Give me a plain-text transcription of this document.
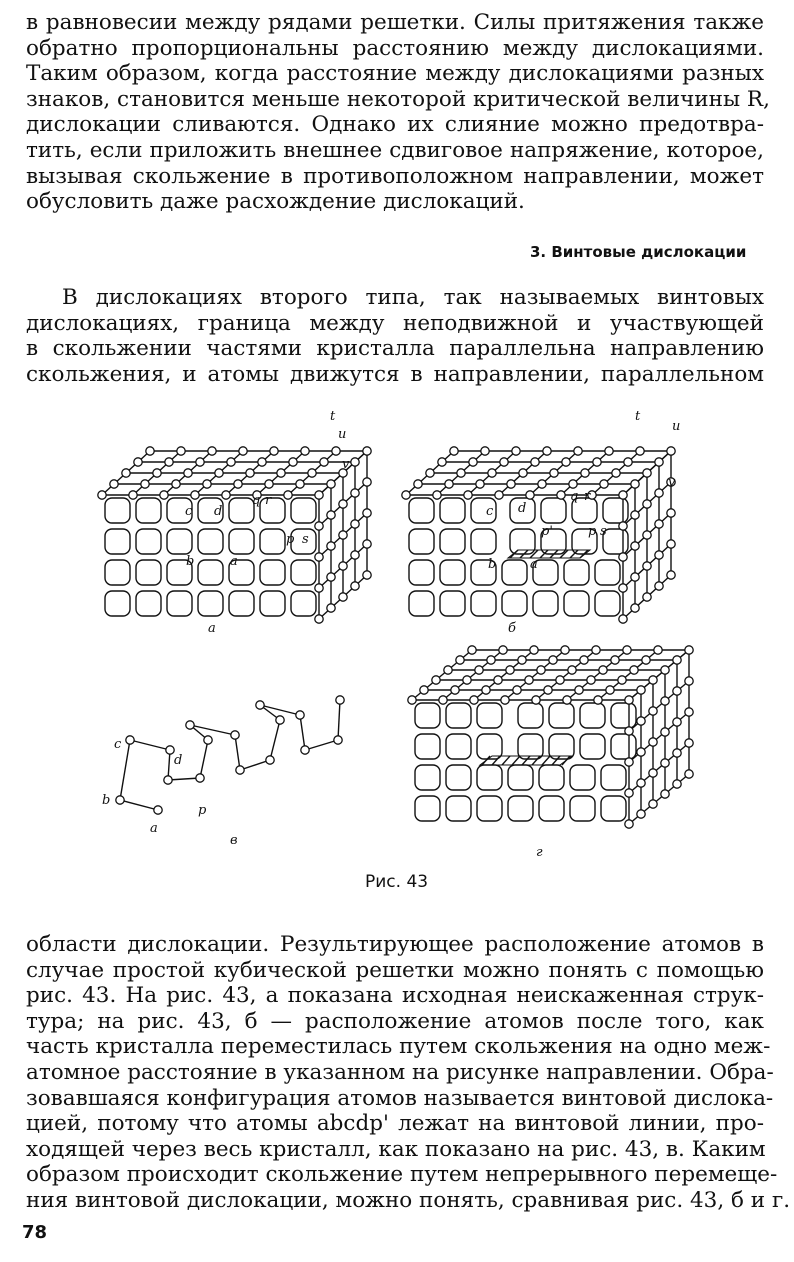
в равновесии между рядами решетки. Силы притяжения также
обратно пропорциональны расстоянию между дислокациями.
Таким образом, когда расстояние между дислокациями разных
знаков, становится меньше некоторой критической величины R,
дислокации сливаются. Однако их слияние можно предотвра-
тить, если приложить внешнее сдвиговое напряжение, которое,
вызывая скольжение в противоположном направлении, может
обусловить даже расхождение дислокаций.
3. Винтовые дислокации
В дислокациях второго типа, так называемых винтовых
дислокациях, граница между неподвижной и участвующей
в скольжении частями кристалла параллельна направлению
скольжения, и атомы движутся в направлении, параллельном
t
u
v
c d
q r
p s
b	a
а
t
u
v
c d
q r
p'	p s
b	a
б
c
d
b
p
a
в
г
Рис. 43
области дислокации. Результирующее расположение атомов в
случае простой кубической решетки можно понять с помощью
рис. 43. На рис. 43, а показана исходная неискаженная струк-
тура; на рис. 43, б — расположение атомов после того, как
часть кристалла переместилась путем скольжения на одно меж-
атомное расстояние в указанном на рисунке направлении. Обра-
зовавшаяся конфигурация атомов называется винтовой дислока-
цией, потому что атомы abcdp' лежат на винтовой линии, про-
ходящей через весь кристалл, как показано на рис. 43, в. Каким
образом происходит скольжение путем непрерывного перемеще-
ния винтовой дислокации, можно понять, сравнивая рис. 43, б и г.
78
